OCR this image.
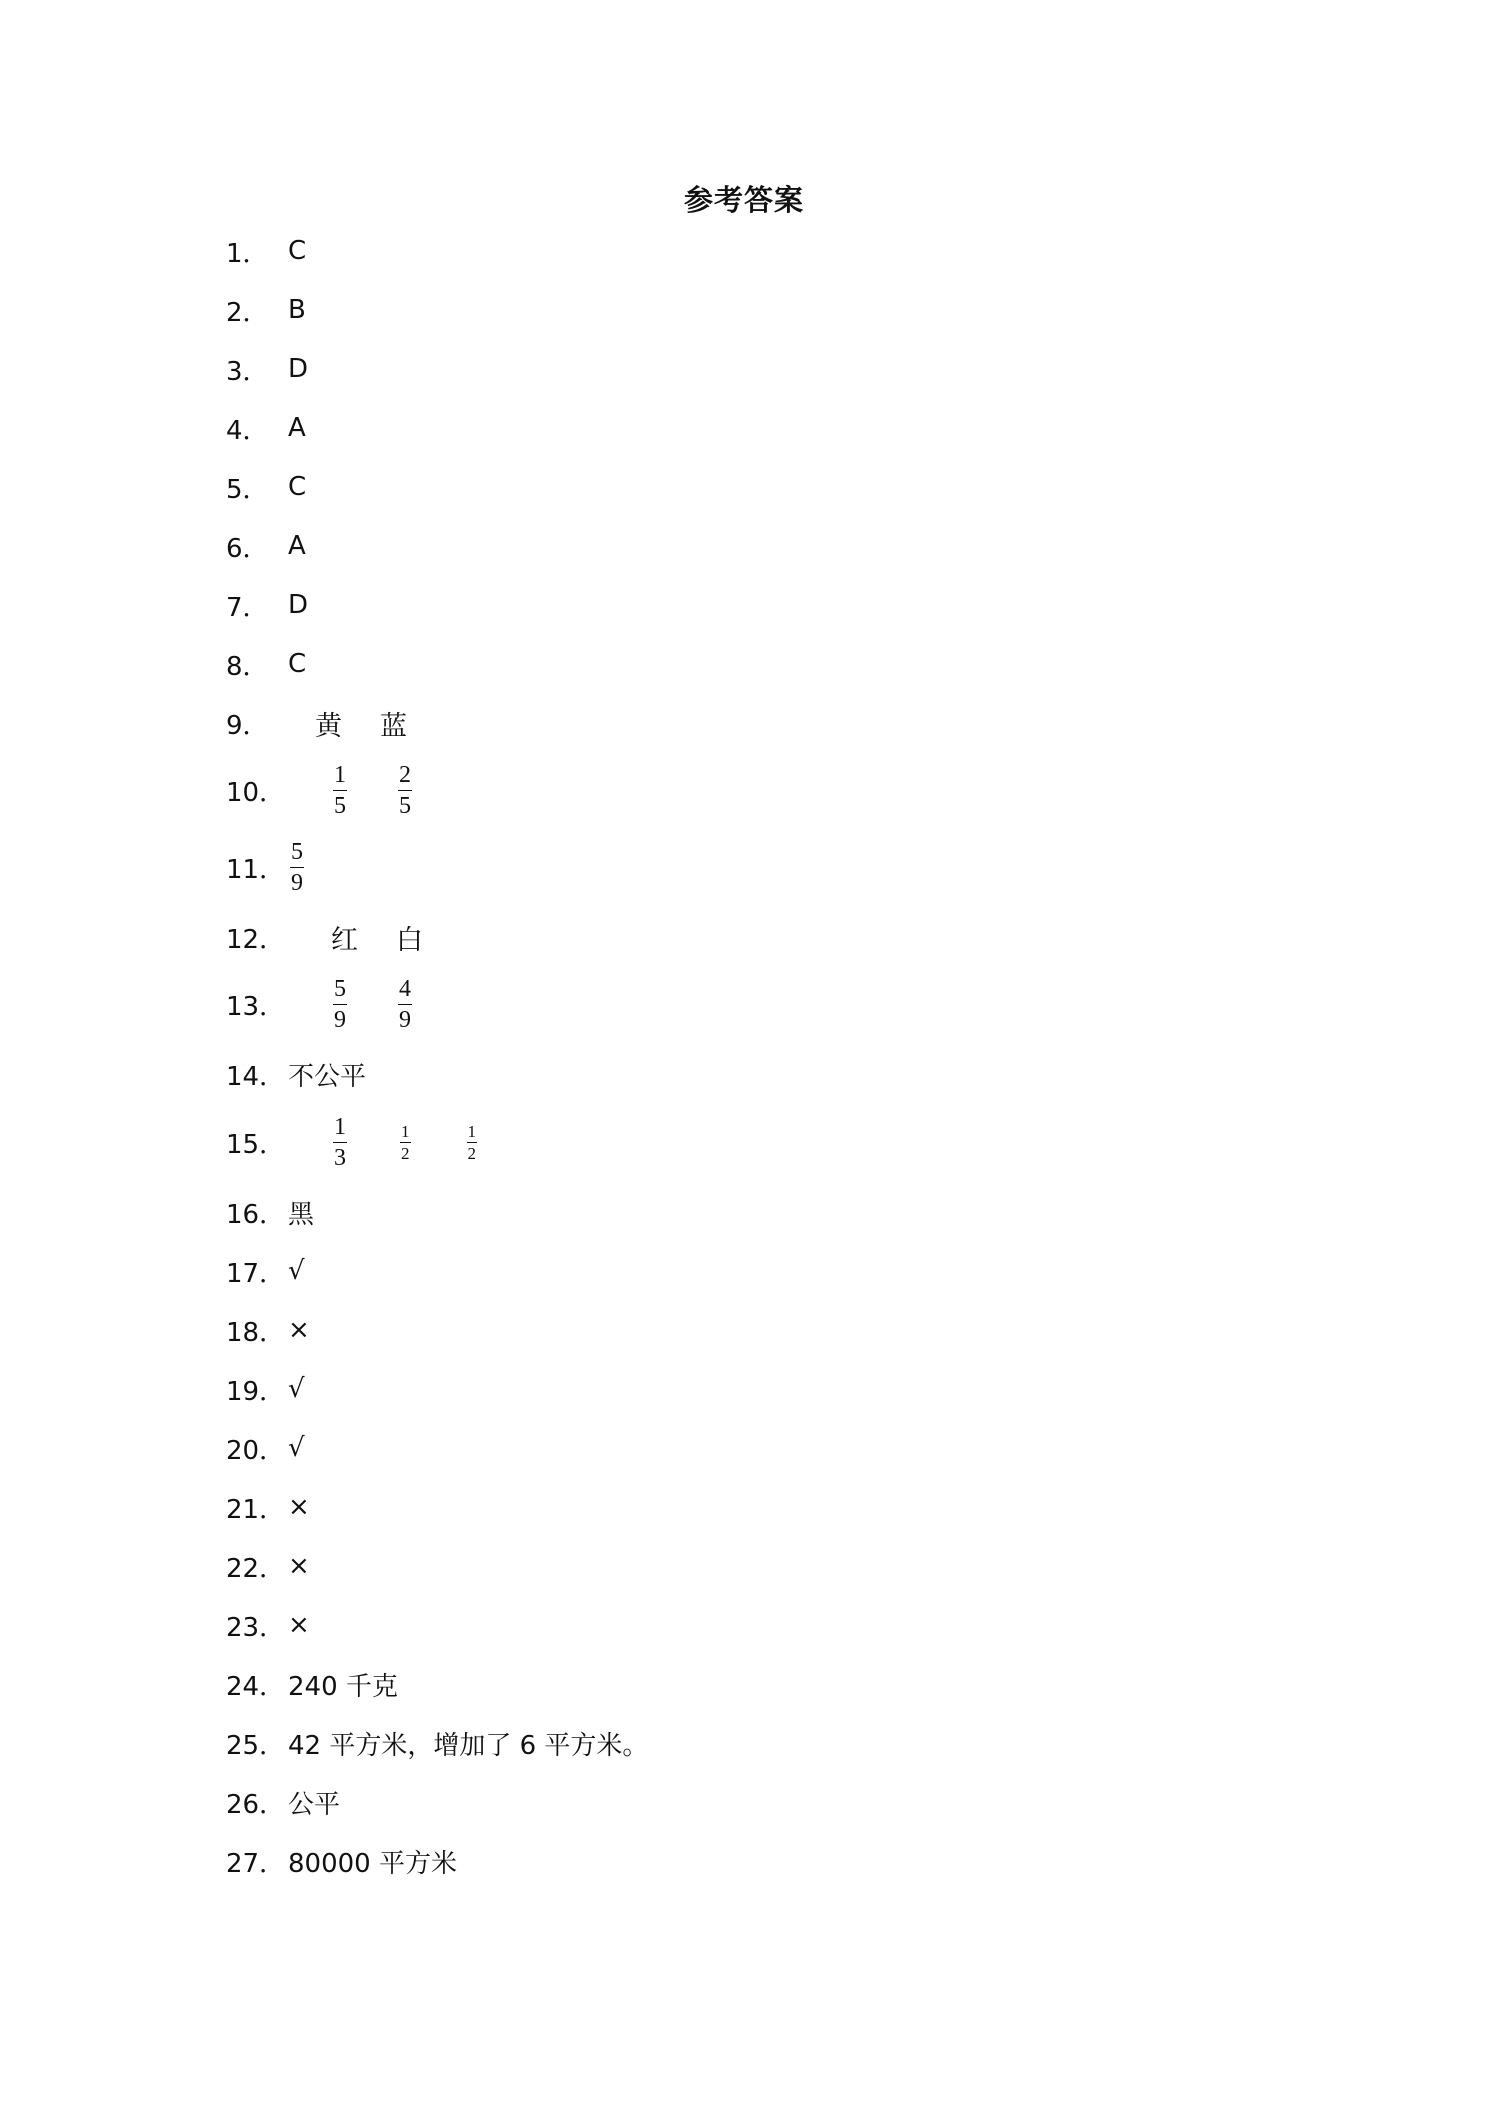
参考答案
1． C
2． B
3． D
4． A
5． C
6． A
7． D
8． C
9．	黄 蓝
10． $\frac{1}{5} \frac{2}{5}$
11． $\frac{5}{9}$
12． 红 白
13． $\frac{5}{9} \frac{4}{9}$
14． 不公平
15． $\frac{1}{3}$	$\frac{1}{2}$	$\frac{1}{2}$
16． 黑
17． √
18． ×
19． √
20． √
21． ×
22． ×
23． ×
24． 240 千克
25． 42 平方米，增加了 6 平方米。
26． 公平
27． 80000 平方米
